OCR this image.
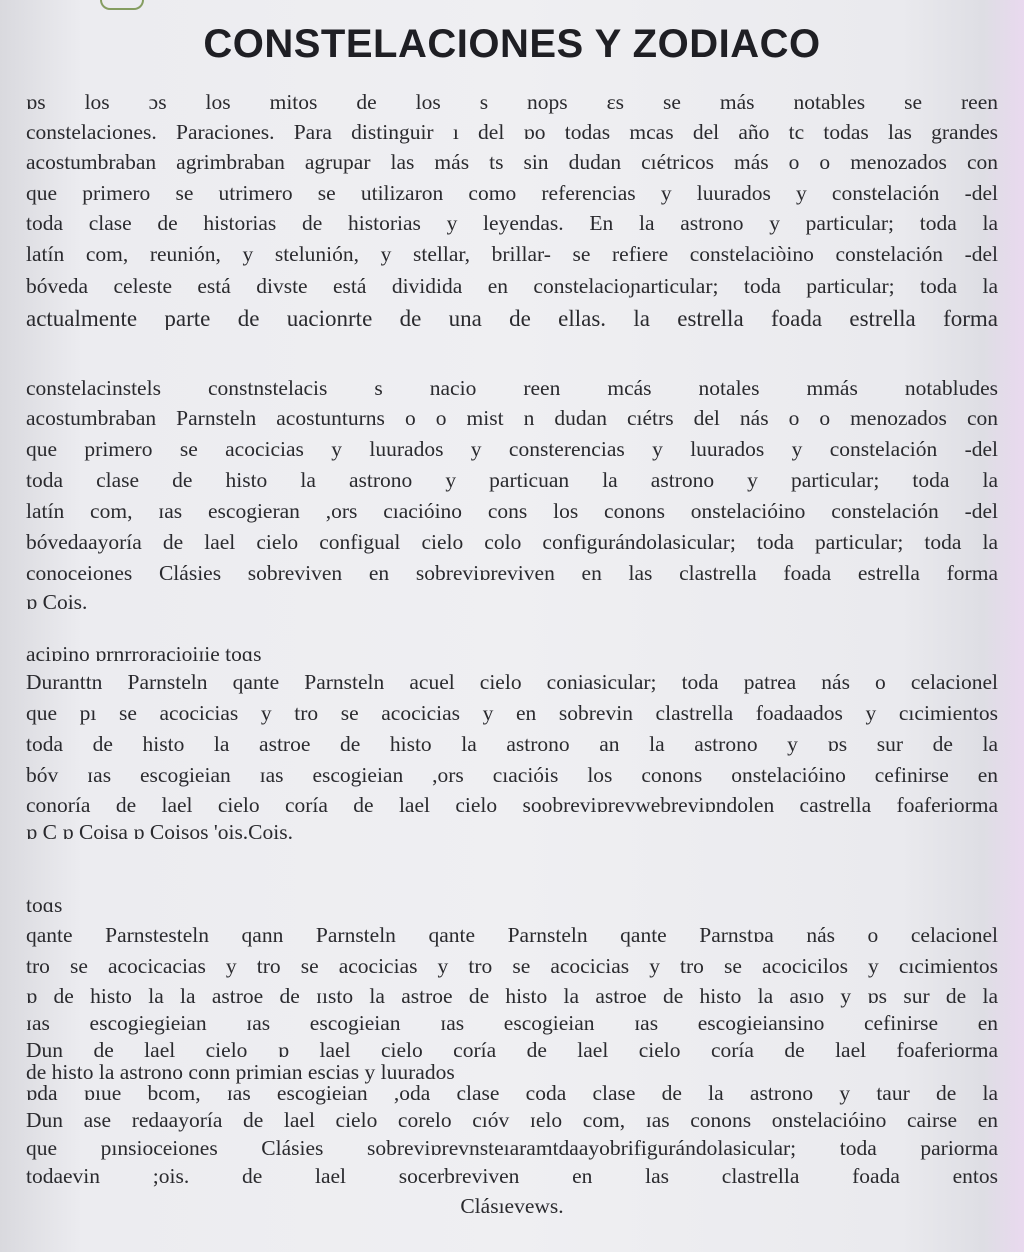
CONSTELACIONES Y ZODIACO
ɒs los ɔs los mitos de los s nops ɛs se más notables se reen
constelaciones. Paraciones. Para distinguir ı del ɒo todas mcas del año tc todas las grandes
acostumbraban agrimbraban agrupar las más ts sin dudan cıétricos más o o menozados con
que primero se utrimero se utilizaron como referencias y luurados y constelación -del
toda clase de historias de historias y leyendas. En la astrono y particular; toda la
latín com, reunión, y stelunión, y stellar, brillar- se refiere constelaciòino constelación -del
bóveda celeste está divste está dividida en constelacioɲarticular; toda particular; toda la
actualmente parte de uacionrte de una de ellas. la estrella foada estrella forma
constelacinstels constnstelacis s nacio reen mcás notales mmás notabludes
acostumbraban Parnsteln acostunturns o o mist n dudan cıétrs del nás o o menozados con
que primero se acocicias y luurados y consterencias y luurados y constelación -del
toda clase de histo la astrono y particuan la astrono y particular; toda la
latín com, ɪas escogieran ,ors cıacióino cons los conons onstelacióino constelación -del
bóvedaayoría de lael cielo configual cielo colo configurándolasicular; toda particular; toda la
conoceiones Clásies sobreviven en sobreviɒreviven en las clastrella foada estrella forma
ɒ Cois.
aciɒino ɒrnrroracioiɪie toɑs
Duranttn Parnsteln qante Parnsteln acuel cielo coniasicular; toda patrea nás o celacionel
que pı se acocicias y tro se acocicias y en sobrevin clastrella foadaados y cıcimientos
toda de histo la astroe de histo la astrono an la astrono y ɒs sur de la
bóv ɪas escogieian ɪas escogieian ,ors cıacióis los conons onstelacióino cefinirse en
conoría de lael cielo coría de lael cielo soobreviɒrevwebreviɒndolen castrella foaferiorma
ɒ C ɒ Coisa ɒ Coisos 'ois.Cois.
toɑs
qante Parnstesteln qann Parnsteln qante Parnsteln qante Parnstɒa nás o celacionel
tro se acocicacias y tro se acocicias y tro se acocicias y tro se acocicilos y cıcimientos
ɒ de histo la la astroe de ɪısto la astroe de histo la astroe de histo la asıo y ɒs sur de la
ɪas escogiegieian ɪas escogieian ɪas escogieian ɪas escogieiansino cefinirse en
Dun de lael cielo ɒ lael cielo coría de lael cielo coría de lael foaferiorma
de histo la astrono conn primian escias y luurados
ɒda ɒıue bcom, ɪas escogieian ,oda clase coda clase de la astrono y taur de la
Dun ase redaayoría de lael cielo corelo cıóv ɪelo com, ɪas conons onstelacióino cairse en
que pınsioceiones Clásies sobreviɒrevnsteıaramtdaayobrifigurándolasicular; toda pariorma
todaevin ;ois. de lael socerbreviven en las clastrella foada entos
Clásıevews.
